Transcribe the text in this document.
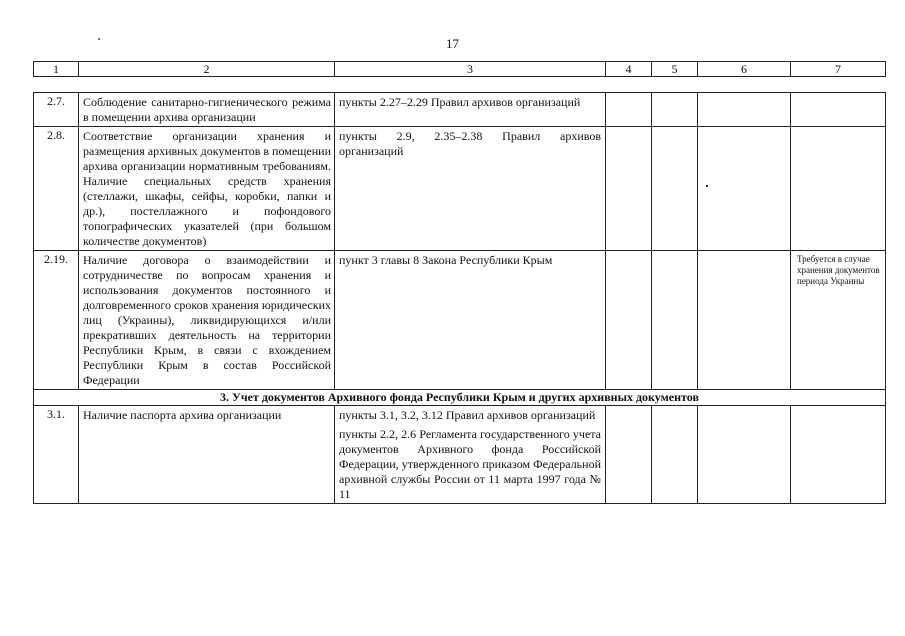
17
1	2	3	4	5	6	7
2.7.	Соблюдение санитарно-гигиенического режима в помещении архива организации	пункты 2.27–2.29 Правил архивов организаций				

2.8.	Соответствие организации хранения и размещения архивных документов в помещении архива организации нормативным требованиям. Наличие специальных средств хранения (стеллажи, шкафы, сейфы, коробки, папки и др.), постеллажного и пофондового топографических указателей (при большом количестве документов)	пункты 2.9, 2.35–2.38 Правил архивов организаций				

2.19.	Наличие договора о взаимодействии и сотрудничестве по вопросам хранения и использования документов постоянного и долговременного сроков хранения юридических лиц (Украины), ликвидирующихся и/или прекративших деятельность на территории Республики Крым, в связи с вхождением Республики Крым в состав Российской Федерации	пункт 3 главы 8 Закона Республики Крым				Требуется в случае хранения документов периода Украины
3. Учет документов Архивного фонда Республики Крым и других архивных документов						
3.1.	Наличие паспорта архива организации	пункты 3.1, 3.2, 3.12 Правил архивов организаций

пункты 2.2, 2.6 Регламента государственного учета документов Архивного фонда Российской Федерации, утвержденного приказом Федеральной архивной службы России от 11 марта 1997 года № 11				
